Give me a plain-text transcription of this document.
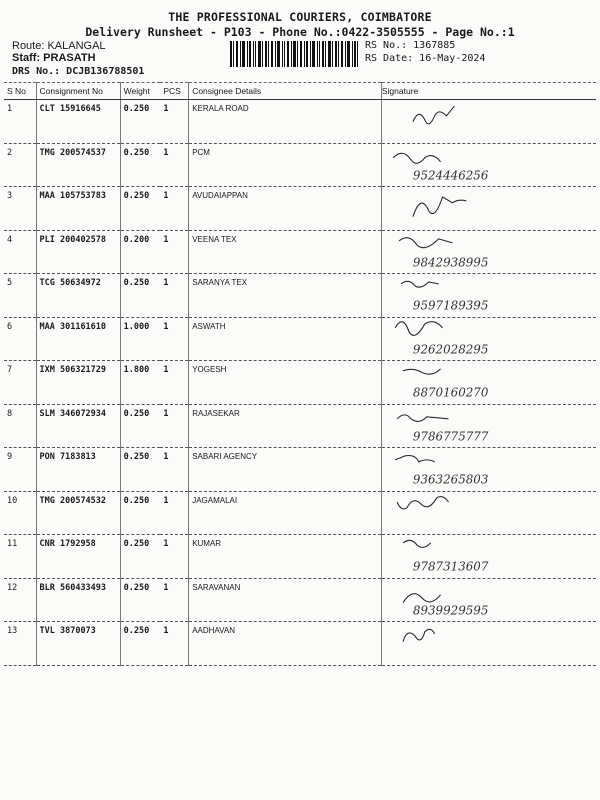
THE PROFESSIONAL COURIERS, COIMBATORE
Delivery Runsheet - P103 - Phone No.:0422-3505555 - Page No.:1
Route: KALANGAL
Staff: PRASATH
DRS No.: DCJB136788501
RS No.: 1367885
RS Date: 16-May-2024
S No	Consignment No	Weight	PCS	Consignee Details	Signature
1	CLT 15916645	0.250	1	KERALA ROAD	

2	TMG 200574537	0.250	1	PCM	9524446256

3	MAA 105753783	0.250	1	AVUDAIAPPAN	

4	PLI 200402578	0.200	1	VEENA TEX	9842938995

5	TCG 50634972	0.250	1	SARANYA TEX	9597189395

6	MAA 301161610	1.000	1	ASWATH	9262028295

7	IXM 506321729	1.800	1	YOGESH	8870160270

8	SLM 346072934	0.250	1	RAJASEKAR	9786775777

9	PON 7183813	0.250	1	SABARI AGENCY	9363265803

10	TMG 200574532	0.250	1	JAGAMALAI	

11	CNR 1792958	0.250	1	KUMAR	9787313607

12	BLR 560433493	0.250	1	SARAVANAN	8939929595

13	TVL 3870073	0.250	1	AADHAVAN	
